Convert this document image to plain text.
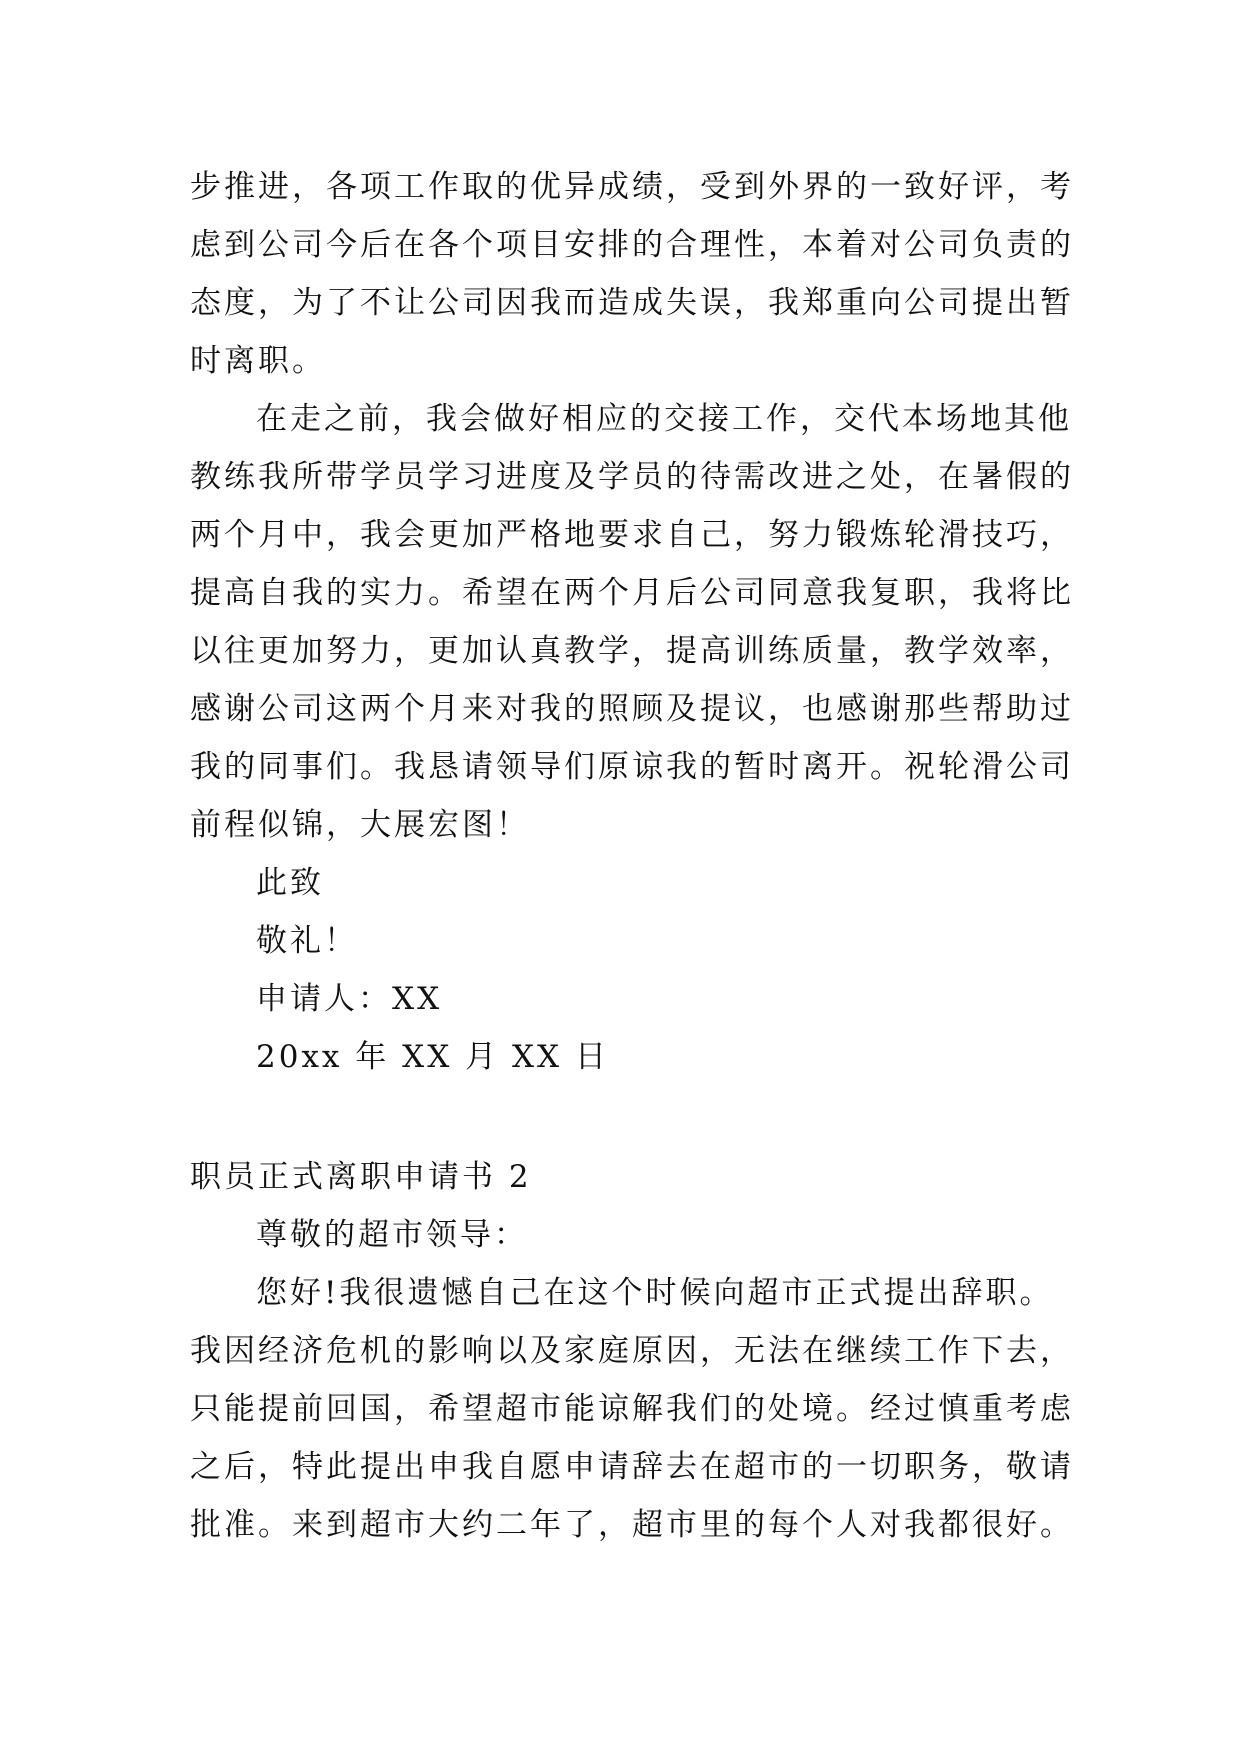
步推进，各项工作取的优异成绩，受到外界的一致好评，考
虑到公司今后在各个项目安排的合理性，本着对公司负责的
态度，为了不让公司因我而造成失误，我郑重向公司提出暂
时离职。
在走之前，我会做好相应的交接工作，交代本场地其他
教练我所带学员学习进度及学员的待需改进之处，在暑假的
两个月中，我会更加严格地要求自己，努力锻炼轮滑技巧，
提高自我的实力。希望在两个月后公司同意我复职，我将比
以往更加努力，更加认真教学，提高训练质量，教学效率，
感谢公司这两个月来对我的照顾及提议，也感谢那些帮助过
我的同事们。我恳请领导们原谅我的暂时离开。祝轮滑公司
前程似锦，大展宏图！
此致
敬礼！
申请人：XX
20xx 年 XX 月 XX 日
职员正式离职申请书 2
尊敬的超市领导：
您好!我很遗憾自己在这个时候向超市正式提出辞职。
我因经济危机的影响以及家庭原因，无法在继续工作下去，
只能提前回国，希望超市能谅解我们的处境。经过慎重考虑
之后，特此提出申我自愿申请辞去在超市的一切职务，敬请
批准。来到超市大约二年了，超市里的每个人对我都很好。
